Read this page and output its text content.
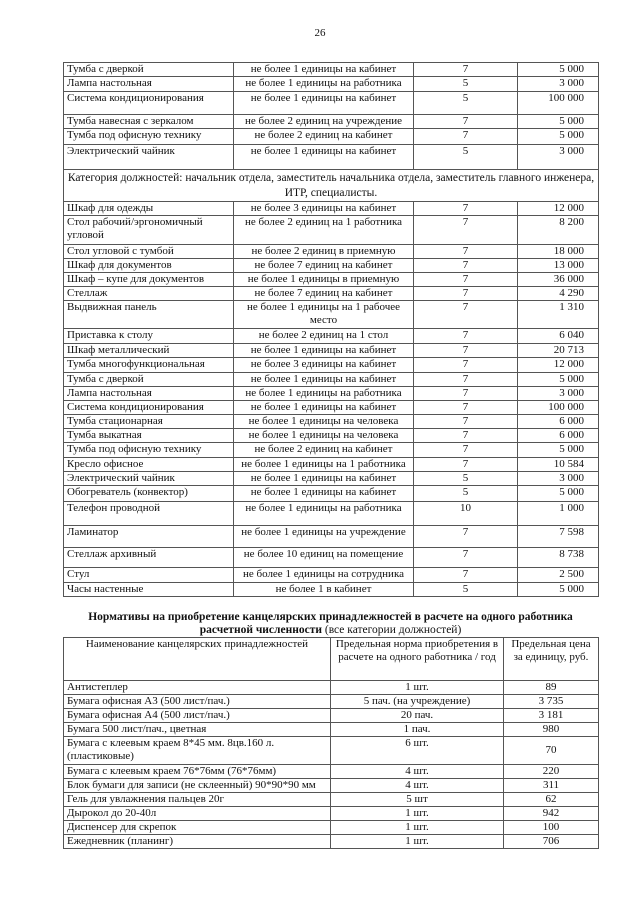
26
Тумба с дверкой	не более 1 единицы на кабинет	7	5 000
Лампа настольная	не более 1 единицы на работника	5	3 000
Система кондиционирования	не более 1 единицы на кабинет	5	100 000
Тумба навесная с зеркалом	не более 2 единиц на учреждение	7	5 000
Тумба под офисную технику	не более 2 единиц на кабинет	7	5 000
Электрический чайник	не более 1 единицы на кабинет	5	3 000
Категория должностей: начальник отдела, заместитель начальника отдела, заместитель главного инженера, ИТР, специалисты.			
Шкаф для одежды	не более 3 единицы на кабинет	7	12 000
Стол рабочий/эргономичный угловой	не более 2 единиц на 1 работника	7	8 200
Стол угловой с тумбой	не более 2 единиц в приемную	7	18 000
Шкаф для документов	не более 7 единиц на кабинет	7	13 000
Шкаф – купе для документов	не более 1 единицы в приемную	7	36 000
Стеллаж	не более 7 единиц на кабинет	7	4 290
Выдвижная панель	не более 1 единицы на 1 рабочее место	7	1 310
Приставка к столу	не более 2 единиц на 1 стол	7	6 040
Шкаф металлический	не более 1 единицы на кабинет	7	20 713
Тумба многофункциональная	не более 3 единицы на кабинет	7	12 000
Тумба с дверкой	не более 1 единицы на кабинет	7	5 000
Лампа настольная	не более 1 единицы на работника	7	3 000
Система кондиционирования	не более 1 единицы на кабинет	7	100 000
Тумба стационарная	не более 1 единицы на человека	7	6 000
Тумба выкатная	не более 1 единицы на человека	7	6 000
Тумба под офисную технику	не более 2 единиц на кабинет	7	5 000
Кресло офисное	не более 1 единицы на 1 работника	7	10 584
Электрический чайник	не более 1 единицы на кабинет	5	3 000
Обогреватель (конвектор)	не более 1 единицы на кабинет	5	5 000
Телефон проводной	не более 1 единицы на работника	10	1 000
Ламинатор	не более 1 единицы на учреждение	7	7 598
Стеллаж архивный	не более 10 единиц на помещение	7	8 738
Стул	не более 1 единицы на сотрудника	7	2 500
Часы настенные	не более 1 в кабинет	5	5 000
Нормативы на приобретение канцелярских принадлежностей в расчете на одного работника расчетной численности (все категории должностей)
Наименование канцелярских принадлежностей	Предельная норма приобретения в расчете на одного работника / год	Предельная цена за единицу, руб.
Антистеплер	1 шт.	89
Бумага офисная А3 (500 лист/пач.)	5 пач. (на учреждение)	3 735
Бумага офисная А4 (500 лист/пач.)	20 пач.	3 181
Бумага 500 лист/пач., цветная	1 пач.	980
Бумага с клеевым краем 8*45 мм. 8цв.160 л. (пластиковые)	6 шт.	70
Бумага с клеевым краем 76*76мм (76*76мм)	4 шт.	220
Блок бумаги для записи (не склеенный) 90*90*90 мм	4 шт.	311
Гель для увлажнения пальцев 20г	5 шт	62
Дырокол до 20-40л	1 шт.	942
Диспенсер для скрепок	1 шт.	100
Ежедневник (планинг)	1 шт.	706
